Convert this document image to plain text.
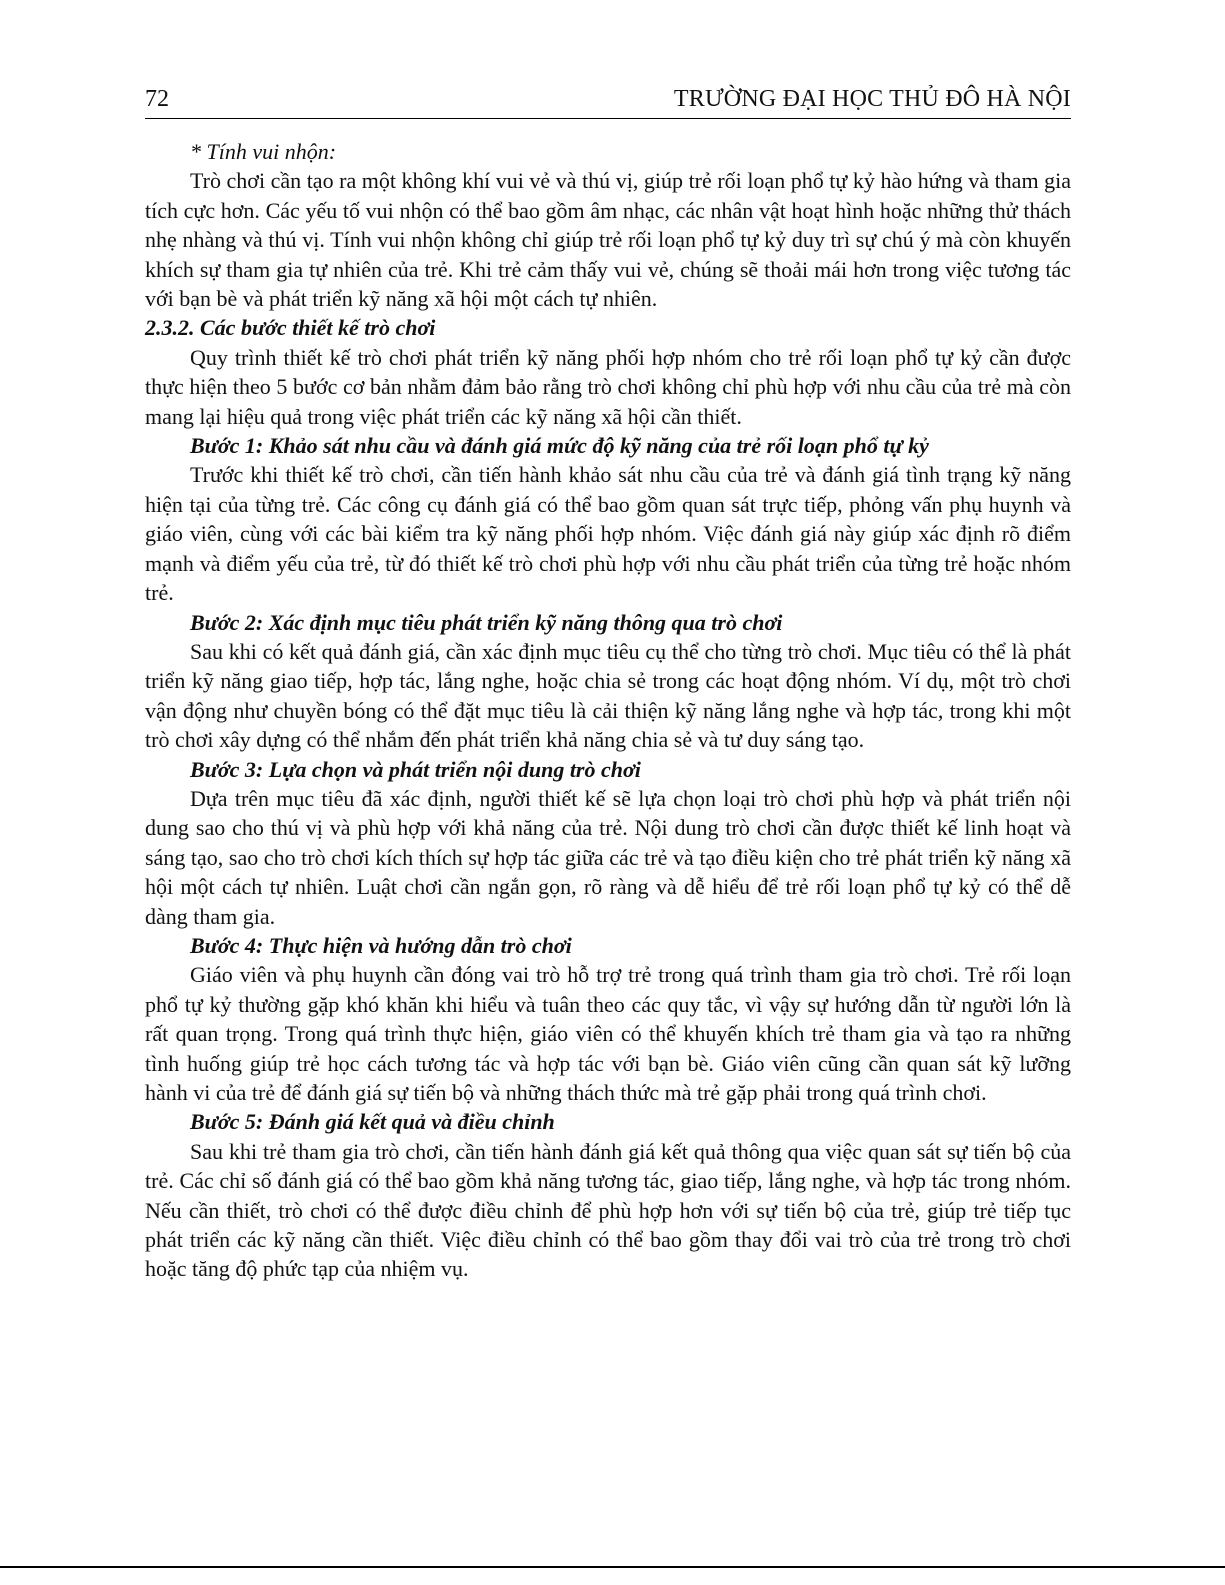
72	TRƯỜNG ĐẠI HỌC THỦ ĐÔ HÀ NỘI

* Tính vui nhộn:

Trò chơi cần tạo ra một không khí vui vẻ và thú vị, giúp trẻ rối loạn phổ tự kỷ hào hứng và tham gia tích cực hơn. Các yếu tố vui nhộn có thể bao gồm âm nhạc, các nhân vật hoạt hình hoặc những thử thách nhẹ nhàng và thú vị. Tính vui nhộn không chỉ giúp trẻ rối loạn phổ tự kỷ duy trì sự chú ý mà còn khuyến khích sự tham gia tự nhiên của trẻ. Khi trẻ cảm thấy vui vẻ, chúng sẽ thoải mái hơn trong việc tương tác với bạn bè và phát triển kỹ năng xã hội một cách tự nhiên.

2.3.2. Các bước thiết kế trò chơi

Quy trình thiết kế trò chơi phát triển kỹ năng phối hợp nhóm cho trẻ rối loạn phổ tự kỷ cần được thực hiện theo 5 bước cơ bản nhằm đảm bảo rằng trò chơi không chỉ phù hợp với nhu cầu của trẻ mà còn mang lại hiệu quả trong việc phát triển các kỹ năng xã hội cần thiết.

Bước 1: Khảo sát nhu cầu và đánh giá mức độ kỹ năng của trẻ rối loạn phổ tự kỷ

Trước khi thiết kế trò chơi, cần tiến hành khảo sát nhu cầu của trẻ và đánh giá tình trạng kỹ năng hiện tại của từng trẻ. Các công cụ đánh giá có thể bao gồm quan sát trực tiếp, phỏng vấn phụ huynh và giáo viên, cùng với các bài kiểm tra kỹ năng phối hợp nhóm. Việc đánh giá này giúp xác định rõ điểm mạnh và điểm yếu của trẻ, từ đó thiết kế trò chơi phù hợp với nhu cầu phát triển của từng trẻ hoặc nhóm trẻ.

Bước 2: Xác định mục tiêu phát triển kỹ năng thông qua trò chơi

Sau khi có kết quả đánh giá, cần xác định mục tiêu cụ thể cho từng trò chơi. Mục tiêu có thể là phát triển kỹ năng giao tiếp, hợp tác, lắng nghe, hoặc chia sẻ trong các hoạt động nhóm. Ví dụ, một trò chơi vận động như chuyền bóng có thể đặt mục tiêu là cải thiện kỹ năng lắng nghe và hợp tác, trong khi một trò chơi xây dựng có thể nhắm đến phát triển khả năng chia sẻ và tư duy sáng tạo.

Bước 3: Lựa chọn và phát triển nội dung trò chơi

Dựa trên mục tiêu đã xác định, người thiết kế sẽ lựa chọn loại trò chơi phù hợp và phát triển nội dung sao cho thú vị và phù hợp với khả năng của trẻ. Nội dung trò chơi cần được thiết kế linh hoạt và sáng tạo, sao cho trò chơi kích thích sự hợp tác giữa các trẻ và tạo điều kiện cho trẻ phát triển kỹ năng xã hội một cách tự nhiên. Luật chơi cần ngắn gọn, rõ ràng và dễ hiểu để trẻ rối loạn phổ tự kỷ có thể dễ dàng tham gia.

Bước 4: Thực hiện và hướng dẫn trò chơi

Giáo viên và phụ huynh cần đóng vai trò hỗ trợ trẻ trong quá trình tham gia trò chơi. Trẻ rối loạn phổ tự kỷ thường gặp khó khăn khi hiểu và tuân theo các quy tắc, vì vậy sự hướng dẫn từ người lớn là rất quan trọng. Trong quá trình thực hiện, giáo viên có thể khuyến khích trẻ tham gia và tạo ra những tình huống giúp trẻ học cách tương tác và hợp tác với bạn bè. Giáo viên cũng cần quan sát kỹ lưỡng hành vi của trẻ để đánh giá sự tiến bộ và những thách thức mà trẻ gặp phải trong quá trình chơi.

Bước 5: Đánh giá kết quả và điều chỉnh

Sau khi trẻ tham gia trò chơi, cần tiến hành đánh giá kết quả thông qua việc quan sát sự tiến bộ của trẻ. Các chỉ số đánh giá có thể bao gồm khả năng tương tác, giao tiếp, lắng nghe, và hợp tác trong nhóm. Nếu cần thiết, trò chơi có thể được điều chỉnh để phù hợp hơn với sự tiến bộ của trẻ, giúp trẻ tiếp tục phát triển các kỹ năng cần thiết. Việc điều chỉnh có thể bao gồm thay đổi vai trò của trẻ trong trò chơi hoặc tăng độ phức tạp của nhiệm vụ.
